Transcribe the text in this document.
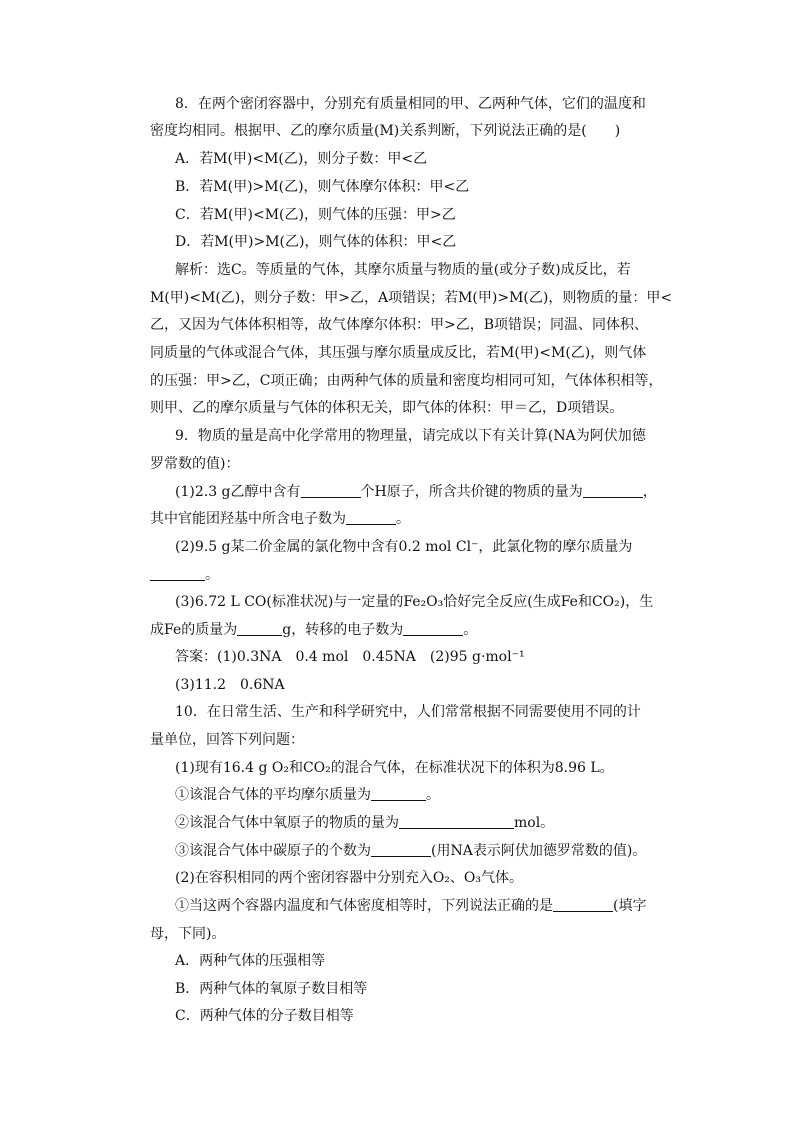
8．在两个密闭容器中，分别充有质量相同的甲、乙两种气体，它们的温度和
密度均相同。根据甲、乙的摩尔质量(M)关系判断，下列说法正确的是(　　)
A．若M(甲)<M(乙)，则分子数：甲<乙
B．若M(甲)>M(乙)，则气体摩尔体积：甲<乙
C．若M(甲)<M(乙)，则气体的压强：甲>乙
D．若M(甲)>M(乙)，则气体的体积：甲<乙
解析：选C。等质量的气体，其摩尔质量与物质的量(或分子数)成反比，若
M(甲)<M(乙)，则分子数：甲>乙，A项错误；若M(甲)>M(乙)，则物质的量：甲<
乙，又因为气体体积相等，故气体摩尔体积：甲>乙，B项错误；同温、同体积、
同质量的气体或混合气体，其压强与摩尔质量成反比，若M(甲)<M(乙)，则气体
的压强：甲>乙，C项正确；由两种气体的质量和密度均相同可知，气体体积相等，
则甲、乙的摩尔质量与气体的体积无关，即气体的体积：甲＝乙，D项错误。
9．物质的量是高中化学常用的物理量，请完成以下有关计算(NA为阿伏加德
罗常数的值)：
(1)2.3 g乙醇中含有	个H原子，所含共价键的物质的量为	，
其中官能团羟基中所含电子数为	。
(2)9.5 g某二价金属的氯化物中含有0.2 mol Cl⁻，此氯化物的摩尔质量为
。
(3)6.72 L CO(标准状况)与一定量的Fe₂O₃恰好完全反应(生成Fe和CO₂)，生
成Fe的质量为	g，转移的电子数为	。
答案：(1)0.3NA　0.4 mol　0.45NA　(2)95 g·mol⁻¹
(3)11.2　0.6NA
10．在日常生活、生产和科学研究中，人们常常根据不同需要使用不同的计
量单位，回答下列问题：
(1)现有16.4 g O₂和CO₂的混合气体，在标准状况下的体积为8.96 L。
①该混合气体的平均摩尔质量为	。
②该混合气体中氧原子的物质的量为	mol。
③该混合气体中碳原子的个数为	(用NA表示阿伏加德罗常数的值)。
(2)在容积相同的两个密闭容器中分别充入O₂、O₃气体。
①当这两个容器内温度和气体密度相等时，下列说法正确的是	(填字
母，下同)。
A．两种气体的压强相等
B．两种气体的氧原子数目相等
C．两种气体的分子数目相等
